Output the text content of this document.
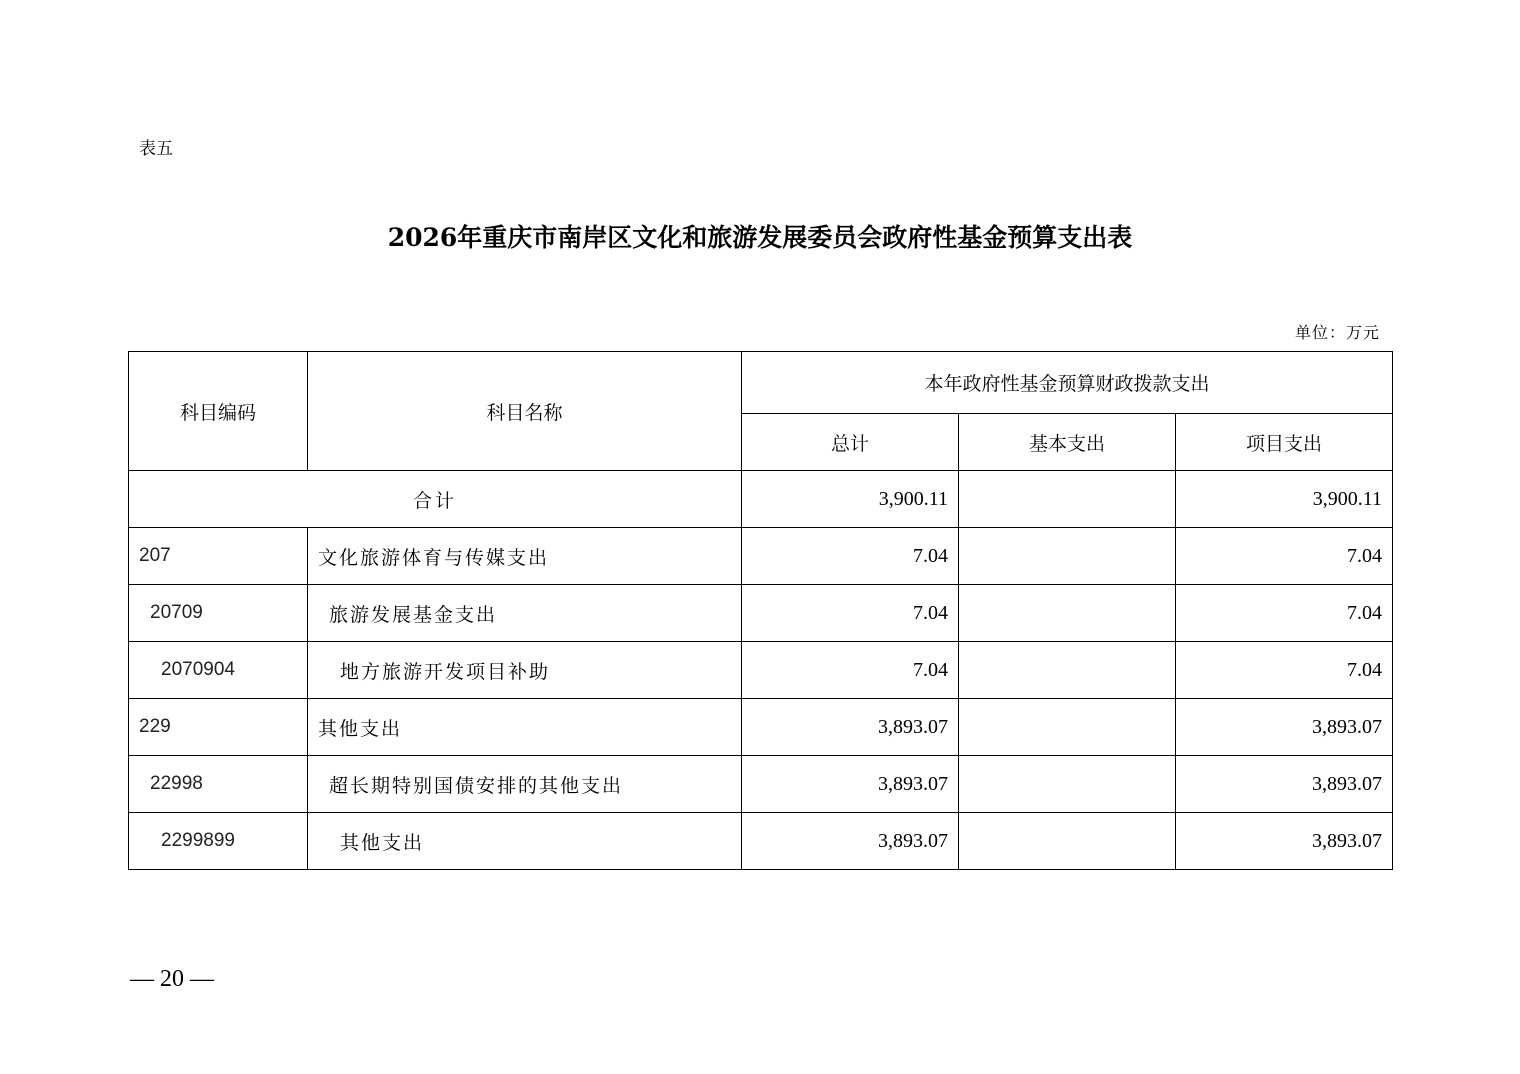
表五
2026年重庆市南岸区文化和旅游发展委员会政府性基金预算支出表
单位：万元
科目编码	科目名称	本年政府性基金预算财政拨款支出		
		总计	基本支出	项目支出
合计		3,900.11		3,900.11
207	文化旅游体育与传媒支出	7.04		7.04
20709	旅游发展基金支出	7.04		7.04
2070904	地方旅游开发项目补助	7.04		7.04
229	其他支出	3,893.07		3,893.07
22998	超长期特别国债安排的其他支出	3,893.07		3,893.07
2299899	其他支出	3,893.07		3,893.07
— 20 —
